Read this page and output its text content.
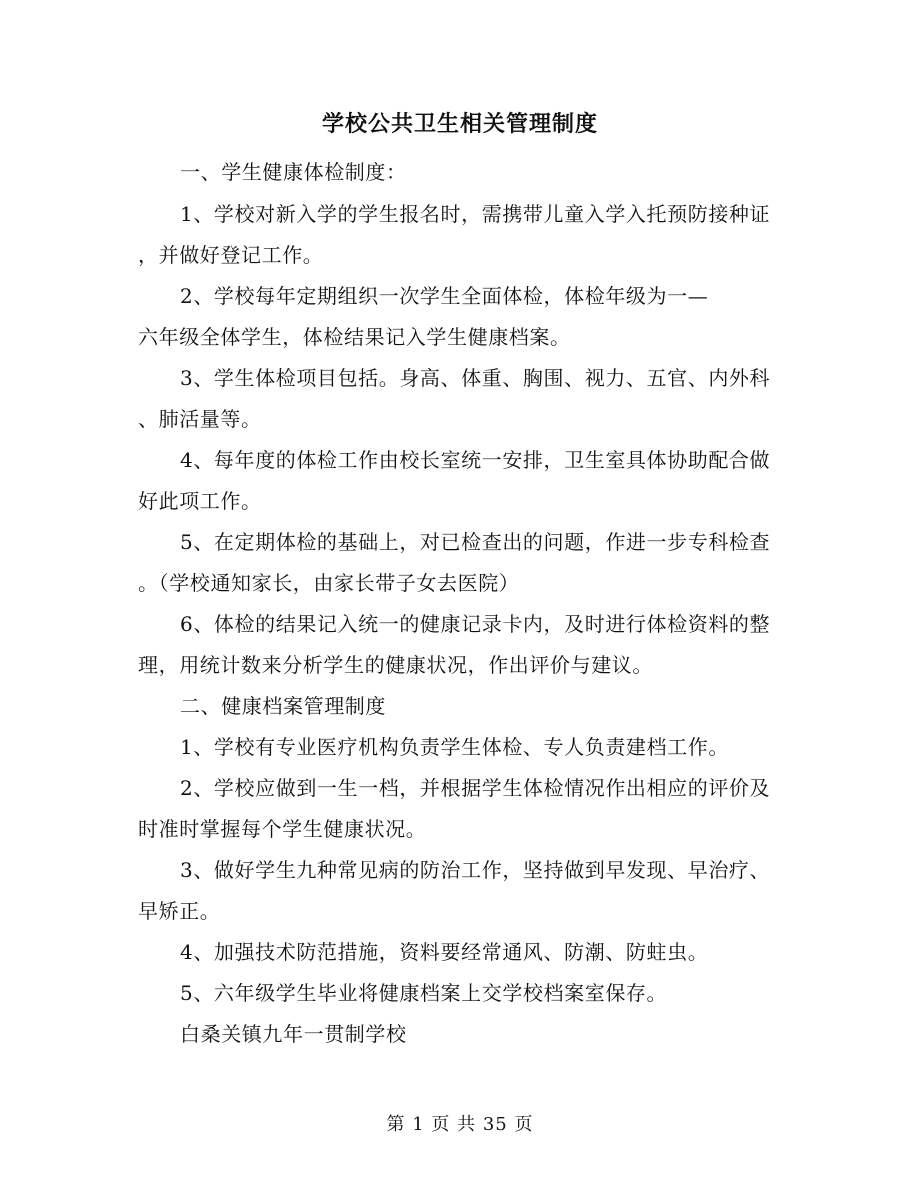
学校公共卫生相关管理制度
一、学生健康体检制度：
1、学校对新入学的学生报名时，需携带儿童入学入托预防接种证
，并做好登记工作。
2、学校每年定期组织一次学生全面体检，体检年级为一—
六年级全体学生，体检结果记入学生健康档案。
3、学生体检项目包括。身高、体重、胸围、视力、五官、内外科
、肺活量等。
4、每年度的体检工作由校长室统一安排，卫生室具体协助配合做
好此项工作。
5、在定期体检的基础上，对已检查出的问题，作进一步专科检查
。（学校通知家长，由家长带子女去医院）
6、体检的结果记入统一的健康记录卡内，及时进行体检资料的整
理，用统计数来分析学生的健康状况，作出评价与建议。
二、健康档案管理制度
1、学校有专业医疗机构负责学生体检、专人负责建档工作。
2、学校应做到一生一档，并根据学生体检情况作出相应的评价及
时准时掌握每个学生健康状况。
3、做好学生九种常见病的防治工作，坚持做到早发现、早治疗、
早矫正。
4、加强技术防范措施，资料要经常通风、防潮、防蛀虫。
5、六年级学生毕业将健康档案上交学校档案室保存。
白桑关镇九年一贯制学校
第 1 页 共 35 页
